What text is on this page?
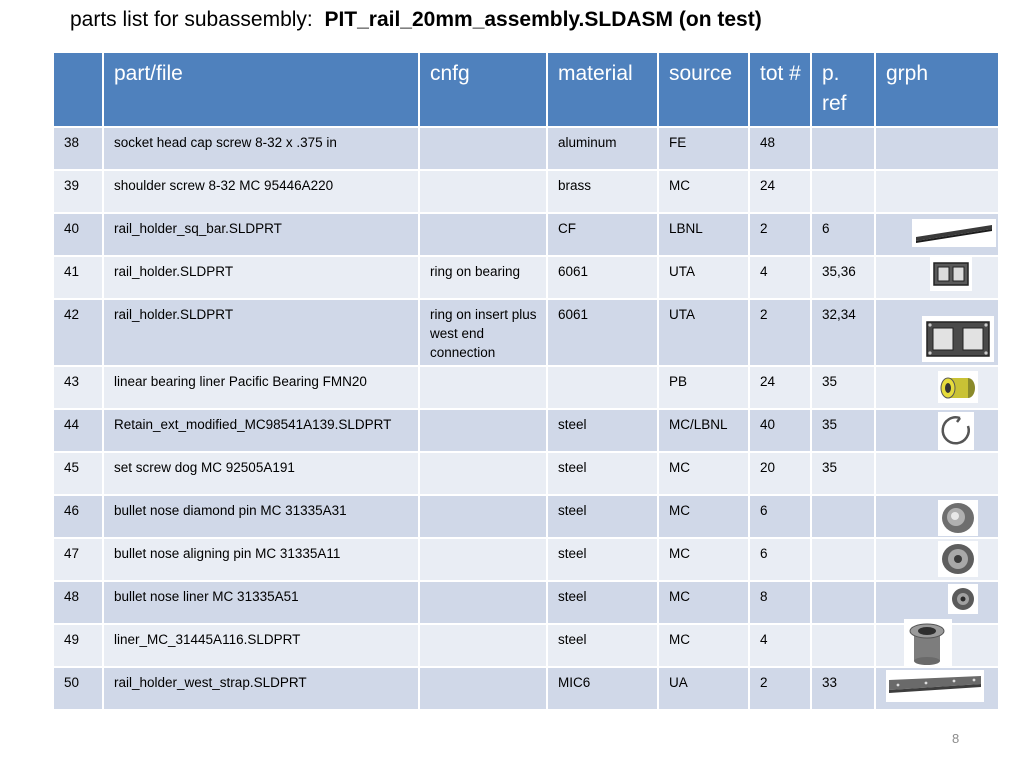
parts list for subassembly: PIT_rail_20mm_assembly.SLDASM (on test)
	part/file	cnfg	material	source	tot #	p. ref	grph
38	socket head cap screw 8-32 x .375 in		aluminum	FE	48		
39	shoulder screw 8-32 MC 95446A220		brass	MC	24		
40	rail_holder_sq_bar.SLDPRT		CF	LBNL	2	6	

41	rail_holder.SLDPRT	ring on bearing	6061	UTA	4	35,36	

42	rail_holder.SLDPRT	ring on insert plus west end connection	6061	UTA	2	32,34	

43	linear bearing liner Pacific Bearing FMN20			PB	24	35	

44	Retain_ext_modified_MC98541A139.SLDPRT		steel	MC/LBNL	40	35	

45	set screw dog MC 92505A191		steel	MC	20	35	
46	bullet nose diamond pin MC 31335A31		steel	MC	6		

47	bullet nose aligning pin MC 31335A11		steel	MC	6		

48	bullet nose liner MC 31335A51		steel	MC	8		

49	liner_MC_31445A116.SLDPRT		steel	MC	4		

50	rail_holder_west_strap.SLDPRT		MIC6	UA	2	33	
8
